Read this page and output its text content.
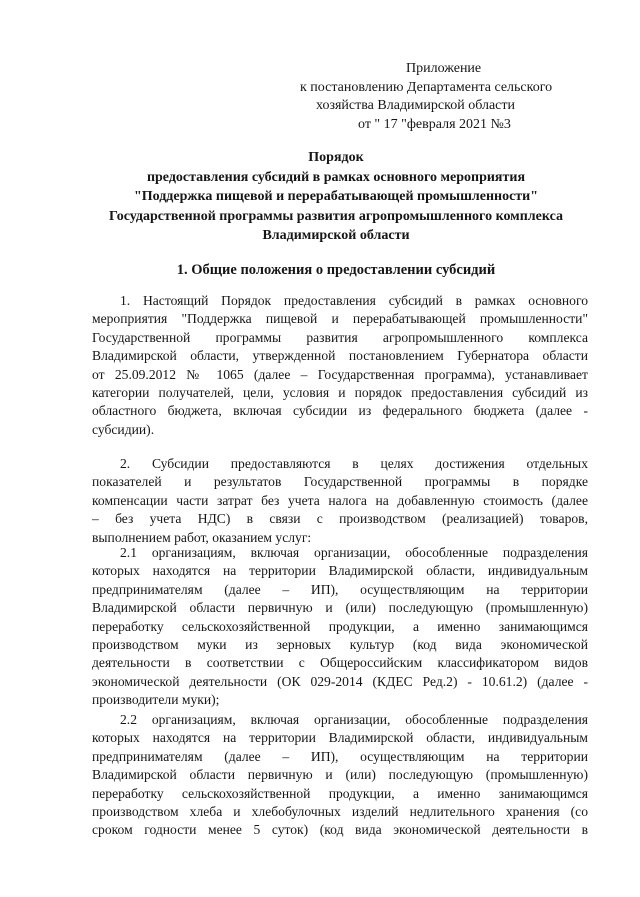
Приложение
к постановлению Департамента сельского
хозяйства Владимирской области
от " 17 "февраля 2021 №3
Порядок
предоставления субсидий в рамках основного мероприятия
"Поддержка пищевой и перерабатывающей промышленности"
Государственной программы развития агропромышленного комплекса
Владимирской области
1. Общие положения о предоставлении субсидий
1. Настоящий Порядок предоставления субсидий в рамках основного
мероприятия "Поддержка пищевой и перерабатывающей промышленности"
Государственной программы развития агропромышленного комплекса
Владимирской области, утвержденной постановлением Губернатора области
от 25.09.2012 № 1065 (далее – Государственная программа), устанавливает
категории получателей, цели, условия и порядок предоставления субсидий из
областного бюджета, включая субсидии из федерального бюджета (далее -
субсидии).
2. Субсидии предоставляются в целях достижения отдельных
показателей и результатов Государственной программы в порядке
компенсации части затрат без учета налога на добавленную стоимость (далее
– без учета НДС) в связи с производством (реализацией) товаров,
выполнением работ, оказанием услуг:
2.1 организациям, включая организации, обособленные подразделения
которых находятся на территории Владимирской области, индивидуальным
предпринимателям (далее – ИП), осуществляющим на территории
Владимирской области первичную и (или) последующую (промышленную)
переработку сельскохозяйственной продукции, а именно занимающимся
производством муки из зерновых культур (код вида экономической
деятельности в соответствии с Общероссийским классификатором видов
экономической деятельности (ОК 029-2014 (КДЕС Ред.2) - 10.61.2) (далее -
производители муки);
2.2 организациям, включая организации, обособленные подразделения
которых находятся на территории Владимирской области, индивидуальным
предпринимателям (далее – ИП), осуществляющим на территории
Владимирской области первичную и (или) последующую (промышленную)
переработку сельскохозяйственной продукции, а именно занимающимся
производством хлеба и хлебобулочных изделий недлительного хранения (со
сроком годности менее 5 суток) (код вида экономической деятельности в
